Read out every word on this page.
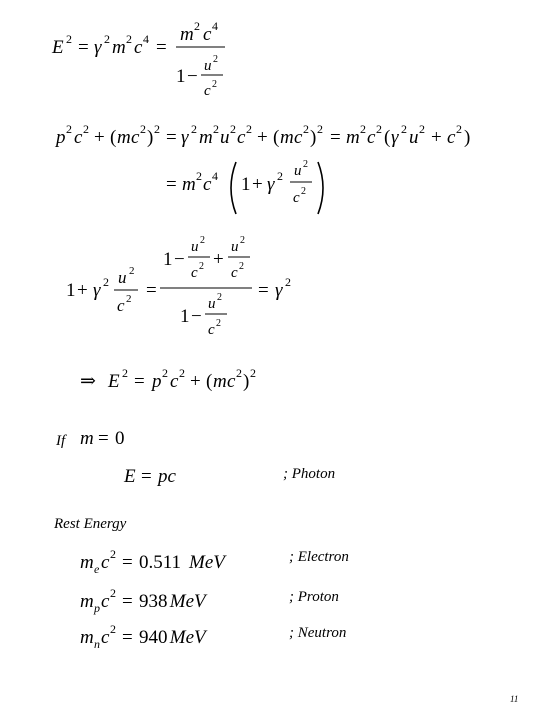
E 2 = γ 2 m 2 c 4 =
m 2 c 4
1 − u 2
c 2
p 2 c 2 + ( m c 2 ) 2 = γ 2 m 2 u 2 c 2 + ( m c 2 ) 2 = m 2 c 2 ( γ 2 u 2 + c 2 )
= m 2 c 4 1 + γ 2 u 2
c 2
1 + γ 2 u 2
c 2 =
1 −
u 2
c 2 +
u 2
c 2
1 −
u 2
c 2
= γ 2
⇒ E 2 = p 2 c 2 + ( m c 2 ) 2
If m = 0
E = pc	; Photon
Rest Energy
m e c 2 = 0.511 MeV
m p c 2 = 938 MeV
m n c 2 = 940 MeV
; Electron
; Proton
; Neutron
11
